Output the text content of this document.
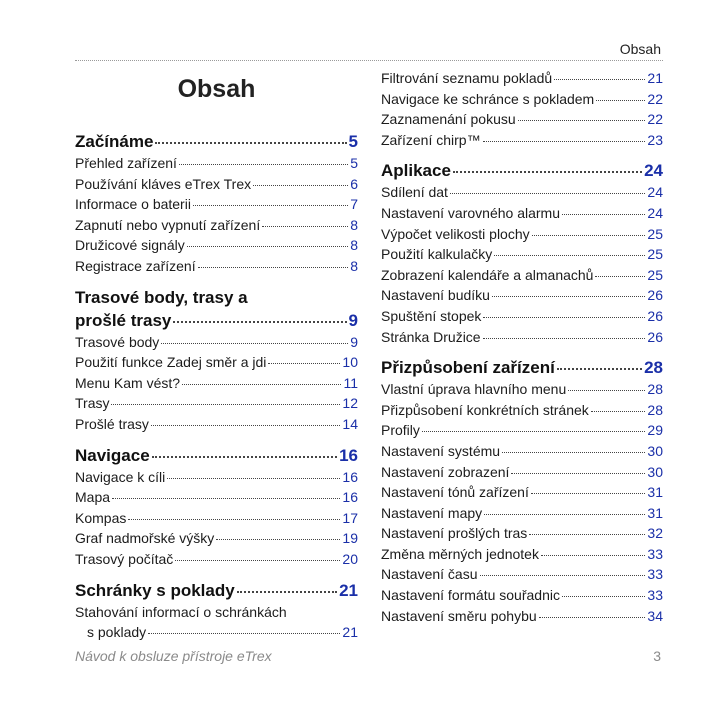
Obsah
Obsah
Začínáme	5
Přehled zařízení	5
Používání kláves eTrex Trex	6
Informace o baterii	7
Zapnutí nebo vypnutí zařízení	8
Družicové signály	8
Registrace zařízení	8
Trasové body, trasy a
prošlé trasy	9
Trasové body	9
Použití funkce Zadej směr a jdi	10
Menu Kam vést?	11
Trasy	12
Prošlé trasy	14
Navigace	16
Navigace k cíli	16
Mapa	16
Kompas	17
Graf nadmořské výšky	19
Trasový počítač	20
Schránky s poklady	21
Stahování informací o schránkách
s poklady	21
Filtrování seznamu pokladů	21
Navigace ke schránce s pokladem	22
Zaznamenání pokusu	22
Zařízení chirp™	23
Aplikace	24
Sdílení dat	24
Nastavení varovného alarmu	24
Výpočet velikosti plochy	25
Použití kalkulačky	25
Zobrazení kalendáře a almanachů	25
Nastavení budíku	26
Spuštění stopek	26
Stránka Družice	26
Přizpůsobení zařízení	28
Vlastní úprava hlavního menu	28
Přizpůsobení konkrétních stránek	28
Profily	29
Nastavení systému	30
Nastavení zobrazení	30
Nastavení tónů zařízení	31
Nastavení mapy	31
Nastavení prošlých tras	32
Změna měrných jednotek	33
Nastavení času	33
Nastavení formátu souřadnic	33
Nastavení směru pohybu	34
Návod k obsluze přístroje eTrex	3
